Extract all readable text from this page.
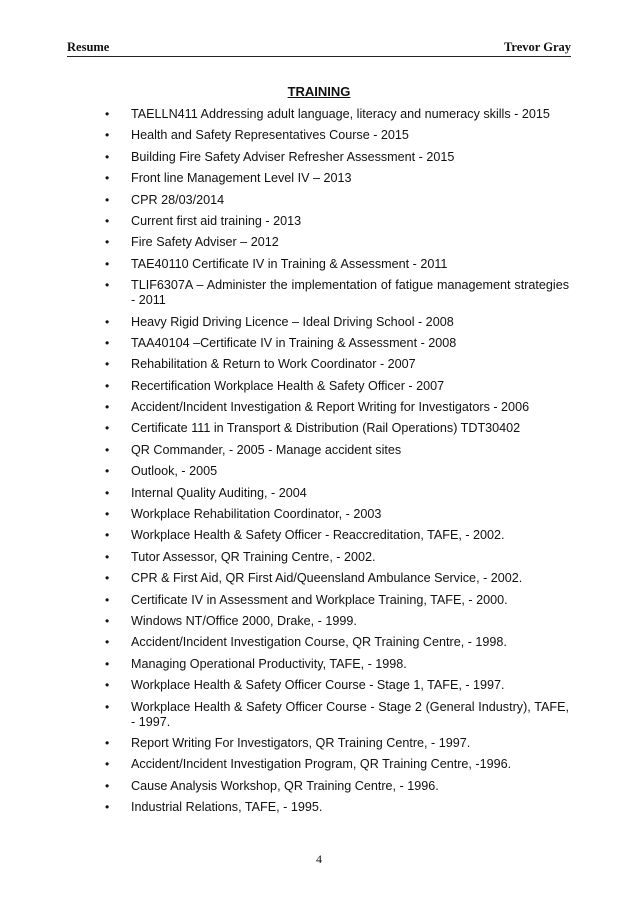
Resume	Trevor Gray
TRAINING
• TAELLN411 Addressing adult language, literacy and numeracy skills - 2015
• Health and Safety Representatives Course - 2015
• Building Fire Safety Adviser Refresher Assessment - 2015
• Front line Management Level IV – 2013
• CPR 28/03/2014
• Current first aid training - 2013
• Fire Safety Adviser – 2012
• TAE40110 Certificate IV in Training & Assessment - 2011
• TLIF6307A – Administer the implementation of fatigue management strategies - 2011
• Heavy Rigid Driving Licence – Ideal Driving School - 2008
• TAA40104 –Certificate IV in Training & Assessment - 2008
• Rehabilitation & Return to Work Coordinator - 2007
• Recertification Workplace Health & Safety Officer - 2007
• Accident/Incident Investigation & Report Writing for Investigators - 2006
• Certificate 111 in Transport & Distribution (Rail Operations) TDT30402
• QR Commander, - 2005 - Manage accident sites
• Outlook, - 2005
• Internal Quality Auditing, - 2004
• Workplace Rehabilitation Coordinator, - 2003
• Workplace Health & Safety Officer - Reaccreditation, TAFE, - 2002.
• Tutor Assessor, QR Training Centre, - 2002.
• CPR & First Aid, QR First Aid/Queensland Ambulance Service, - 2002.
• Certificate IV in Assessment and Workplace Training, TAFE, - 2000.
• Windows NT/Office 2000, Drake, - 1999.
• Accident/Incident Investigation Course, QR Training Centre, - 1998.
• Managing Operational Productivity, TAFE, - 1998.
• Workplace Health & Safety Officer Course - Stage 1, TAFE, - 1997.
• Workplace Health & Safety Officer Course - Stage 2 (General Industry), TAFE, - 1997.
• Report Writing For Investigators, QR Training Centre, - 1997.
• Accident/Incident Investigation Program, QR Training Centre, -1996.
• Cause Analysis Workshop, QR Training Centre, - 1996.
• Industrial Relations, TAFE, - 1995.
4
